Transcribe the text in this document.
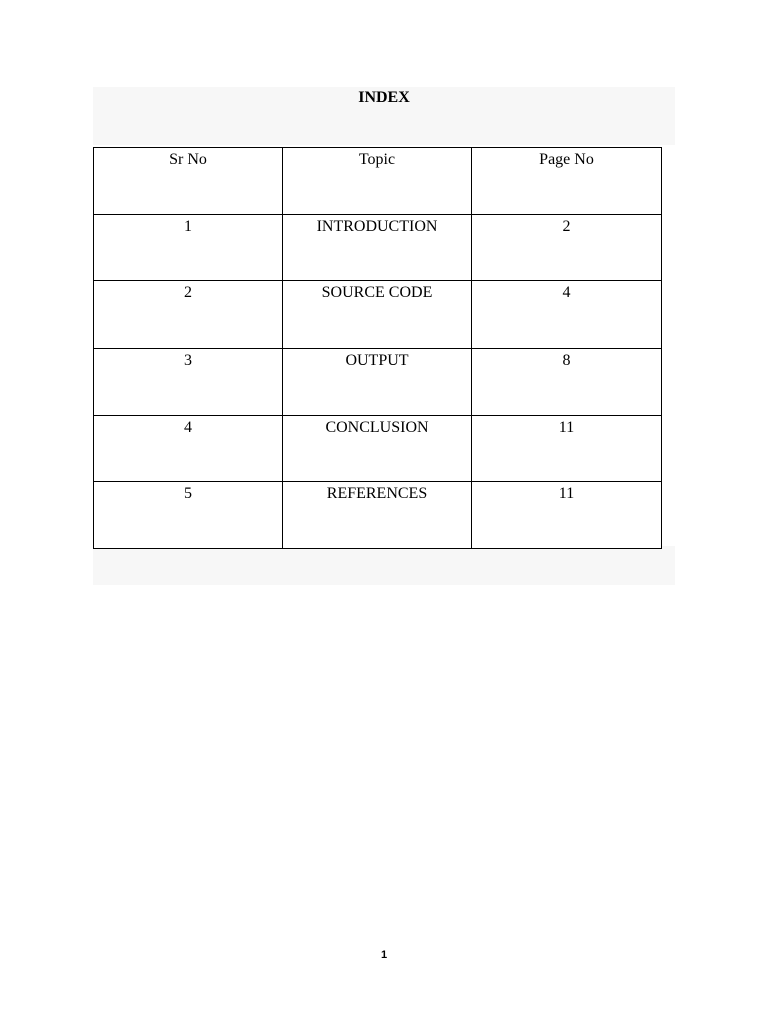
INDEX
Sr No	Topic	Page No
1	INTRODUCTION	2
2	SOURCE CODE	4
3	OUTPUT	8
4	CONCLUSION	11
5	REFERENCES	11
1
